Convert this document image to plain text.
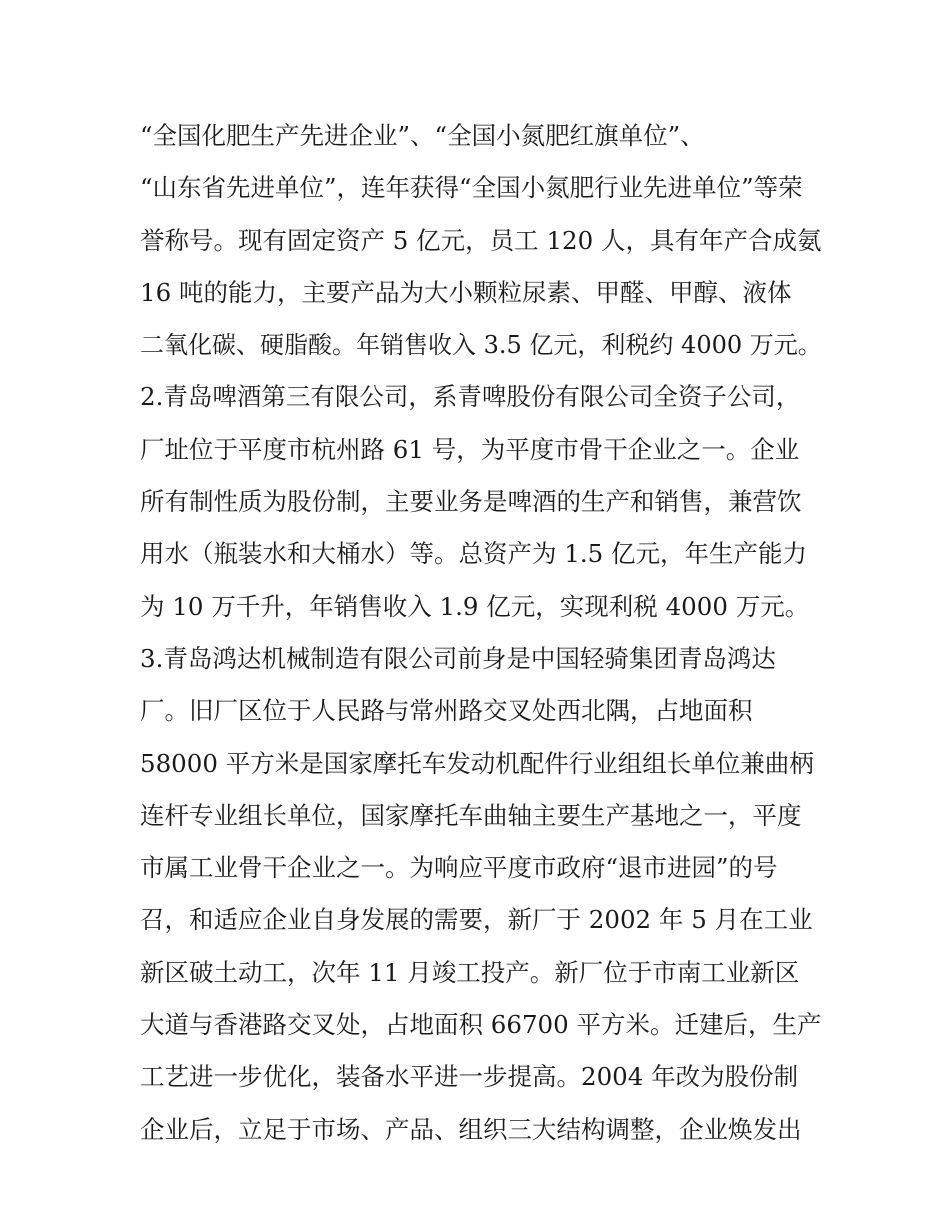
“全国化肥生产先进企业”、“全国小氮肥红旗单位”、
“山东省先进单位”，连年获得“全国小氮肥行业先进单位”等荣
誉称号。现有固定资产 5 亿元，员工 120 人，具有年产合成氨
16 吨的能力，主要产品为大小颗粒尿素、甲醛、甲醇、液体
二氧化碳、硬脂酸。年销售收入 3.5 亿元，利税约 4000 万元。
2.青岛啤酒第三有限公司，系青啤股份有限公司全资子公司，
厂址位于平度市杭州路 61 号，为平度市骨干企业之一。企业
所有制性质为股份制，主要业务是啤酒的生产和销售，兼营饮
用水（瓶装水和大桶水）等。总资产为 1.5 亿元，年生产能力
为 10 万千升，年销售收入 1.9 亿元，实现利税 4000 万元。
3.青岛鸿达机械制造有限公司前身是中国轻骑集团青岛鸿达
厂。旧厂区位于人民路与常州路交叉处西北隅，占地面积
58000 平方米是国家摩托车发动机配件行业组组长单位兼曲柄
连杆专业组长单位，国家摩托车曲轴主要生产基地之一，平度
市属工业骨干企业之一。为响应平度市政府“退市进园”的号
召，和适应企业自身发展的需要，新厂于 2002 年 5 月在工业
新区破土动工，次年 11 月竣工投产。新厂位于市南工业新区
大道与香港路交叉处，占地面积 66700 平方米。迁建后，生产
工艺进一步优化，装备水平进一步提高。2004 年改为股份制
企业后，立足于市场、产品、组织三大结构调整，企业焕发出
